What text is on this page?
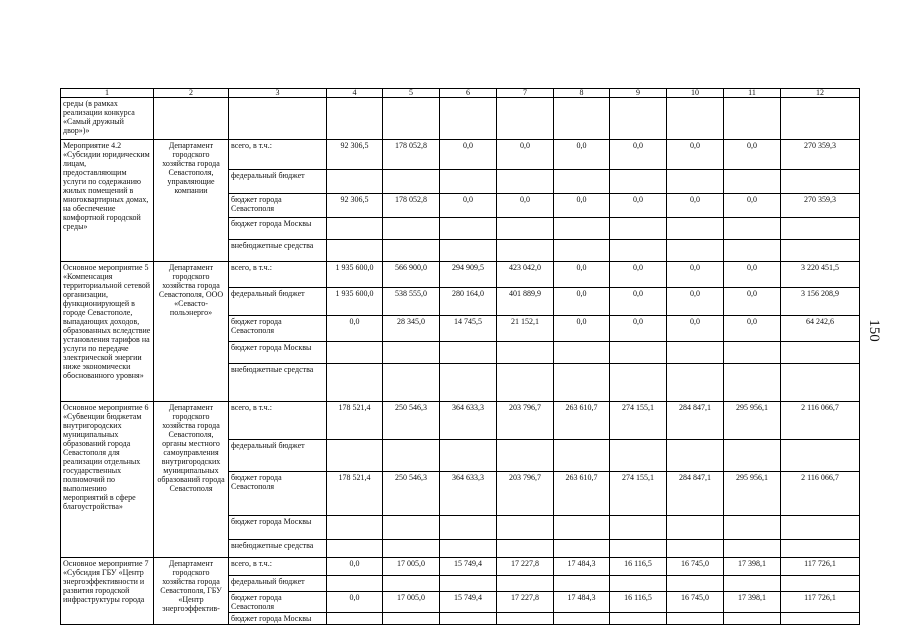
1	2	3	4	5	6	7	8	9	10	11	12
среды (в рамках реализации конкурса «Самый дружный двор»)»											
Мероприятие 4.2 «Субсидии юридическим лицам, предоставляющим услуги по содержанию жилых помещений в многоквартирных домах, на обеспечение комфортной городской среды»	Департамент городского хозяйства города Севастополя, управляющие компании	всего, в т.ч.:	92 306,5	178 052,8	0,0	0,0	0,0	0,0	0,0	0,0	270 359,3
		федеральный бюджет									
		бюджет города Севастополя	92 306,5	178 052,8	0,0	0,0	0,0	0,0	0,0	0,0	270 359,3
		бюджет города Москвы									
		внебюджетные средства									
Основное мероприятие 5 «Компенсация территориальной сетевой организации, функционирующей в городе Севастополе, выпадающих доходов, образованных вследствие установления тарифов на услуги по передаче электрической энергии ниже экономически обоснованного уровня»	Департамент городского хозяйства города Севастополя, ООО «Севасто-польэнерго»	всего, в т.ч.:	1 935 600,0	566 900,0	294 909,5	423 042,0	0,0	0,0	0,0	0,0	3 220 451,5
		федеральный бюджет	1 935 600,0	538 555,0	280 164,0	401 889,9	0,0	0,0	0,0	0,0	3 156 208,9
		бюджет города Севастополя	0,0	28 345,0	14 745,5	21 152,1	0,0	0,0	0,0	0,0	64 242,6
		бюджет города Москвы									
		внебюджетные средства									
Основное мероприятие 6 «Субвенции бюджетам внутригородских муниципальных образований города Севастополя для реализации отдельных государственных полномочий по выполнению мероприятий в сфере благоустройства»	Департамент городского хозяйства города Севастополя, органы местного самоуправления внутригородских муниципальных образований города Севастополя	всего, в т.ч.:	178 521,4	250 546,3	364 633,3	203 796,7	263 610,7	274 155,1	284 847,1	295 956,1	2 116 066,7
		федеральный бюджет									
		бюджет города Севастополя	178 521,4	250 546,3	364 633,3	203 796,7	263 610,7	274 155,1	284 847,1	295 956,1	2 116 066,7
		бюджет города Москвы									
		внебюджетные средства									
Основное мероприятие 7 «Субсидия ГБУ «Центр энергоэффективности и развития городской инфраструктуры города	Департамент городского хозяйства города Севастополя, ГБУ «Центр энергоэффектив-	всего, в т.ч.:	0,0	17 005,0	15 749,4	17 227,8	17 484,3	16 116,5	16 745,0	17 398,1	117 726,1
		федеральный бюджет									
		бюджет города Севастополя	0,0	17 005,0	15 749,4	17 227,8	17 484,3	16 116,5	16 745,0	17 398,1	117 726,1
		бюджет города Москвы									
150
